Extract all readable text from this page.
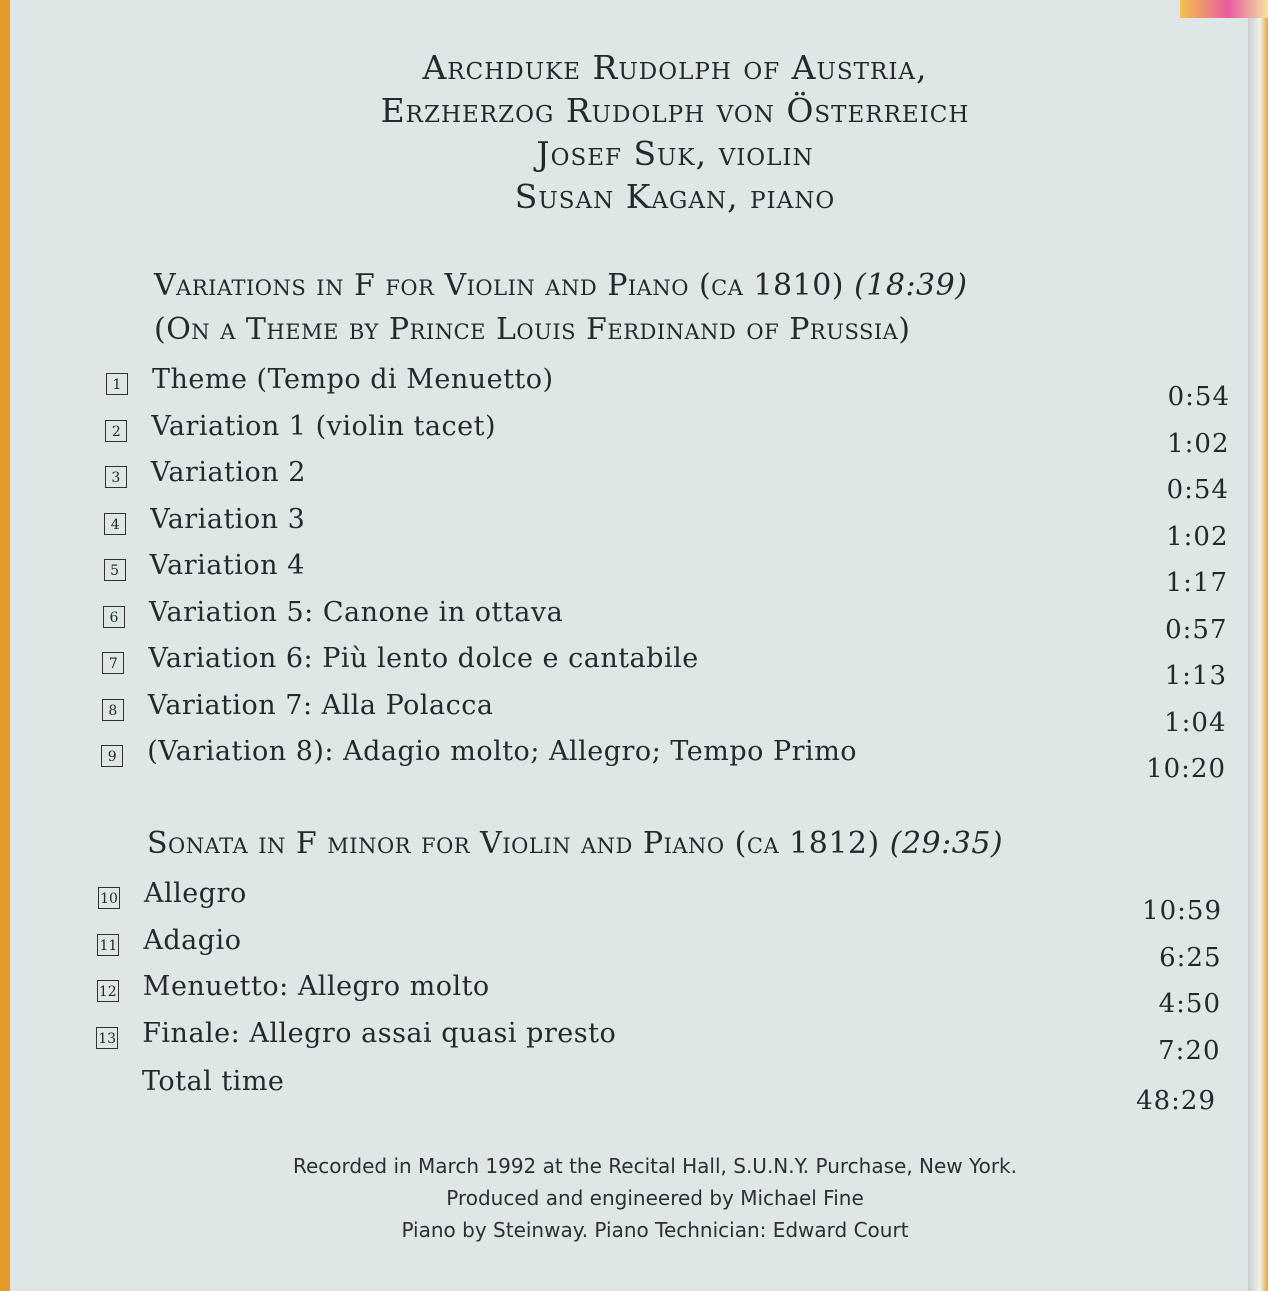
Archduke Rudolph of Austria,
Erzherzog Rudolph von Österreich
Josef Suk, violin
Susan Kagan, piano
Variations in F for Violin and Piano (ca 1810) (18:39)
(On a Theme by Prince Louis Ferdinand of Prussia)
1 Theme (Tempo di Menuetto)
0:54
2 Variation 1 (violin tacet)
1:02
3 Variation 2
0:54
4 Variation 3
1:02
5 Variation 4
1:17
6 Variation 5: Canone in ottava
0:57
7 Variation 6: Più lento dolce e cantabile
1:13
8 Variation 7: Alla Polacca
1:04
9 (Variation 8): Adagio molto; Allegro; Tempo Primo
10:20
Sonata in F minor for Violin and Piano (ca 1812) (29:35)
10 Allegro
10:59
11 Adagio
6:25
12 Menuetto: Allegro molto
4:50
13 Finale: Allegro assai quasi presto
7:20
Total time
48:29
Recorded in March 1992 at the Recital Hall, S.U.N.Y. Purchase, New York.
Produced and engineered by Michael Fine
Piano by Steinway. Piano Technician: Edward Court
